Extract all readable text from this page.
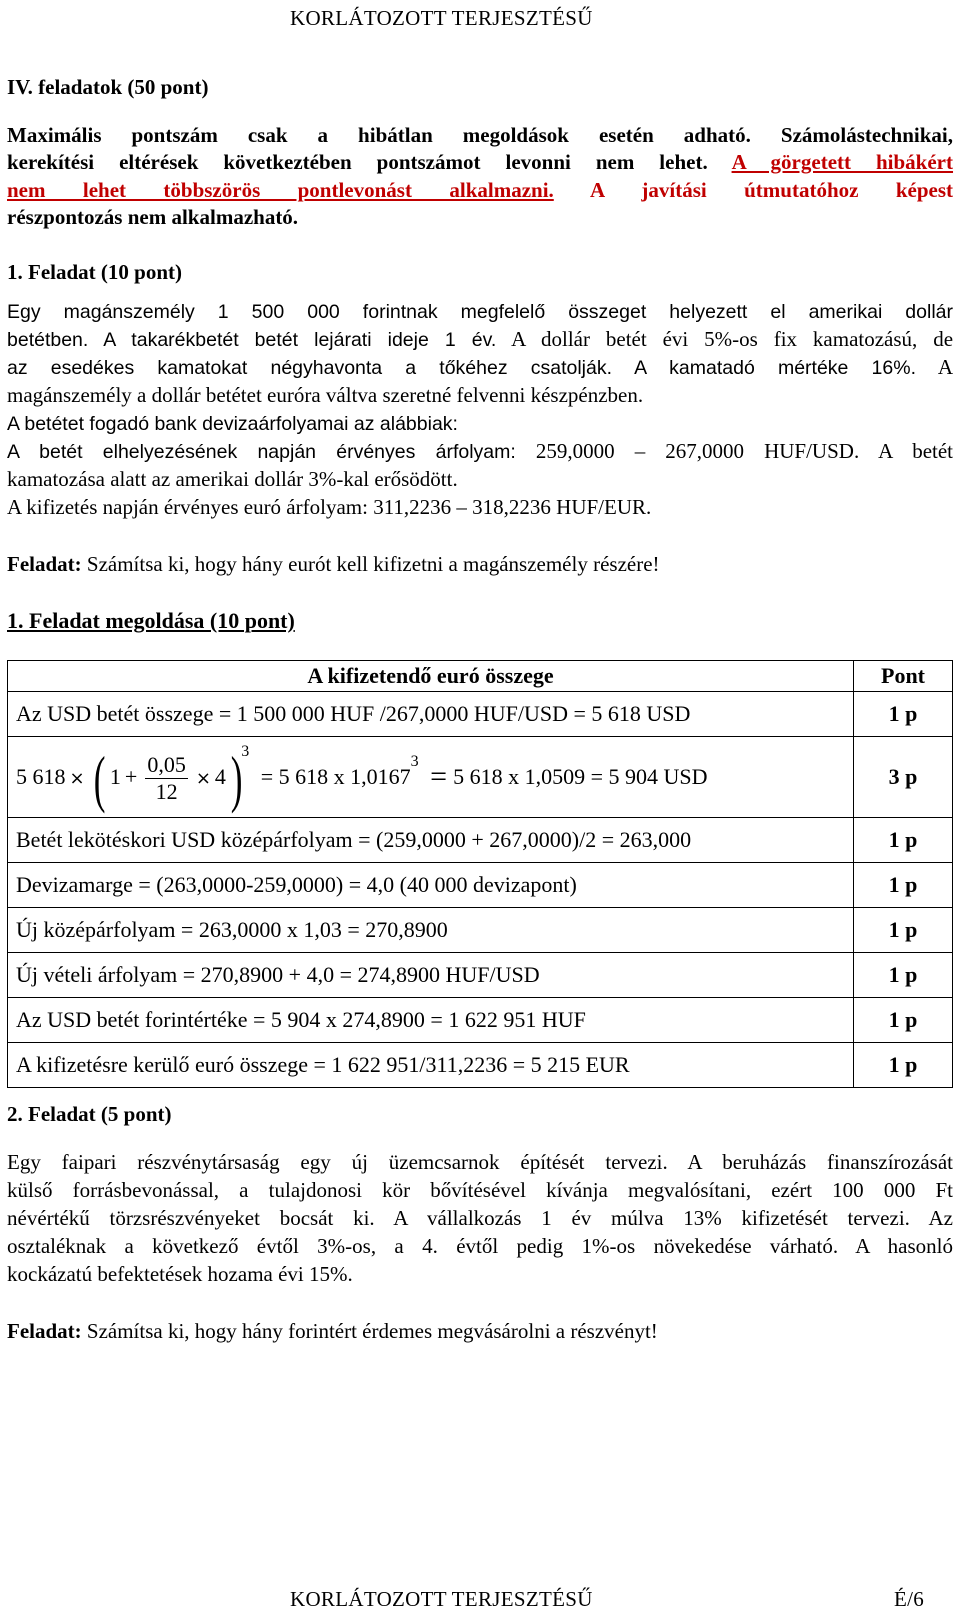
KORLÁTOZOTT TERJESZTÉSŰ
IV. feladatok (50 pont)
Maximális pontszám csak a hibátlan megoldások esetén adható. Számolástechnikai,
kerekítési eltérések következtében pontszámot levonni nem lehet. A görgetett hibákért
nem lehet többszörös pontlevonást alkalmazni. A javítási útmutatóhoz képest
részpontozás nem alkalmazható.
1. Feladat (10 pont)
Egy magánszemély 1 500 000 forintnak megfelelő összeget helyezett el amerikai dollár
betétben. A takarékbetét betét lejárati ideje 1 év. A dollár betét évi 5%-os fix kamatozású, de
az esedékes kamatokat négyhavonta a tőkéhez csatolják. A kamatadó mértéke 16%. A
magánszemély a dollár betétet euróra váltva szeretné felvenni készpénzben.
A betétet fogadó bank devizaárfolyamai az alábbiak:
A betét elhelyezésének napján érvényes árfolyam: 259,0000 – 267,0000 HUF/USD. A betét
kamatozása alatt az amerikai dollár 3%-kal erősödött.
A kifizetés napján érvényes euró árfolyam: 311,2236 – 318,2236 HUF/EUR.
Feladat: Számítsa ki, hogy hány eurót kell kifizetni a magánszemély részére!
1. Feladat megoldása (10 pont)
A kifizetendő euró összege	Pont
Az USD betét összege = 1 500 000 HUF /267,0000 HUF/USD = 5 618 USD	1 p
5 618 × ( $1 + \frac{0,05}{12} \times 4)^3 = 5$ 618 x $1,0167^3 = 5$ 618 x 1,0509 = 5 904 USD	3 p
Betét lekötéskori USD középárfolyam = (259,0000 + 267,0000)/2 = 263,000	1 p
Devizamarge = (263,0000-259,0000) = 4,0 (40 000 devizapont)	1 p
Új középárfolyam = 263,0000 x 1,03 = 270,8900	1 p
Új vételi árfolyam = 270,8900 + 4,0 = 274,8900 HUF/USD	1 p
Az USD betét forintértéke = 5 904 x 274,8900 = 1 622 951 HUF	1 p
A kifizetésre kerülő euró összege = 1 622 951/311,2236 = 5 215 EUR	1 p
2. Feladat (5 pont)
Egy faipari részvénytársaság egy új üzemcsarnok építését tervezi. A beruházás finanszírozását
külső forrásbevonással, a tulajdonosi kör bővítésével kívánja megvalósítani, ezért 100 000 Ft
névértékű törzsrészvényeket bocsát ki. A vállalkozás 1 év múlva 13% kifizetését tervezi. Az
osztaléknak a következő évtől 3%-os, a 4. évtől pedig 1%-os növekedése várható. A hasonló
kockázatú befektetések hozama évi 15%.
Feladat: Számítsa ki, hogy hány forintért érdemes megvásárolni a részvényt!
KORLÁTOZOTT TERJESZTÉSŰ	É/6
